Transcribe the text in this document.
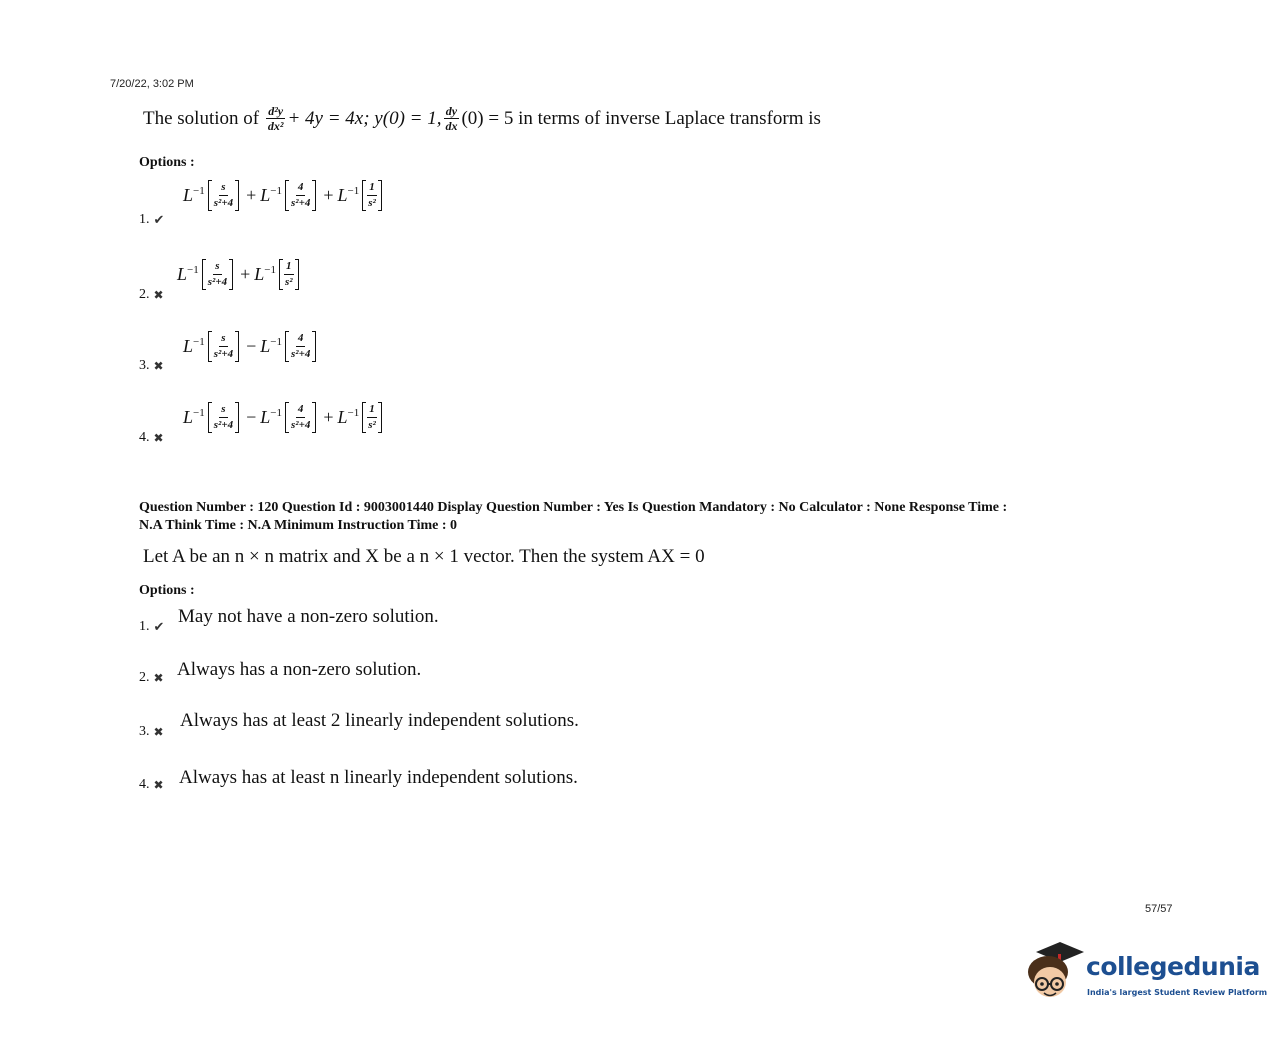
7/20/22, 3:02 PM
The solution of
$\frac{\text{d²y}}{\text{dx²}} + 4y = 4x$; y(0) = 1, $\frac{dy}{dx} (0) = 5$ in terms of inverse Laplace transform is
Options :
$L^{-1} \frac{s}{\text{s²+4}} + L^{-1} \frac{4}{\text{s²+4}} + L^{-1} \frac{1}{\text{s²}}$
1. ✔
$L^{-1} \frac{s}{\text{s²+4}} + L^{-1} \frac{1}{\text{s²}}$
2. ✖
$L^{-1} \frac{s}{\text{s²+4}} - L^{-1} \frac{4}{\text{s²+4}}$
3. ✖
$L^{-1} \frac{s}{\text{s²+4}} - L^{-1} \frac{4}{\text{s²+4}} + L^{-1} \frac{1}{\text{s²}}$
4. ✖
Question Number : 120 Question Id : 9003001440 Display Question Number : Yes Is Question Mandatory : No Calculator : None Response Time :
N.A Think Time : N.A Minimum Instruction Time : 0
Let A be an n × n matrix and X be a n × 1 vector. Then the system AX = 0
Options :
1. ✔ May not have a non-zero solution.
2. ✖ Always has a non-zero solution.
3. ✖
Always has at least 2 linearly independent solutions.
4. ✖ Always has at least n linearly independent solutions.
57/57
collegedunia
India's largest Student Review Platform
